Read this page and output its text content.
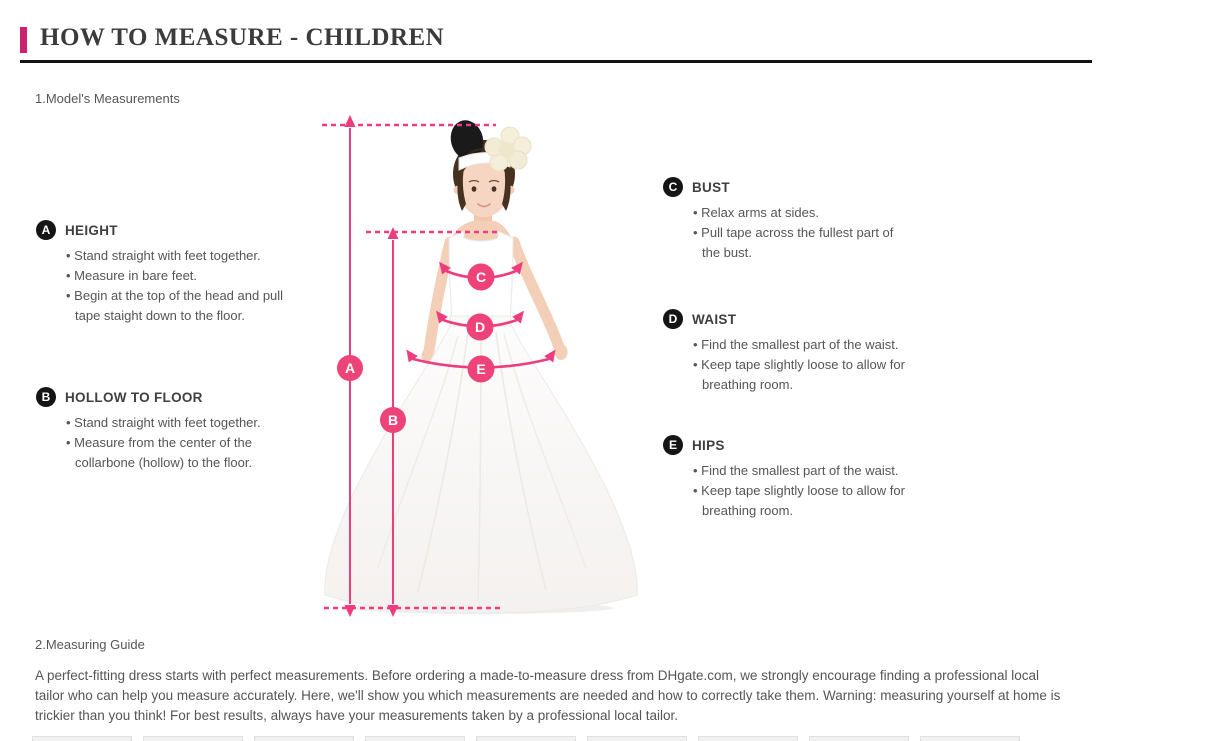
HOW TO MEASURE - CHILDREN
1.Model's Measurements
A	HEIGHT
• Stand straight with feet together.
• Measure in bare feet.
• Begin at the top of the head and pull tape staight down to the floor.
B	HOLLOW TO FLOOR
• Stand straight with feet together.
• Measure from the center of the collarbone (hollow) to the floor.
C	BUST
• Relax arms at sides.
• Pull tape across the fullest part of the bust.
D	WAIST
• Find the smallest part of the waist.
• Keep tape slightly loose to allow for breathing room.
E	HIPS
• Find the smallest part of the waist.
• Keep tape slightly loose to allow for breathing room.
A
B
C
D
E
2.Measuring Guide

A perfect-fitting dress starts with perfect measurements. Before ordering a made-to-measure dress from DHgate.com, we strongly encourage finding a professional local tailor who can help you measure accurately. Here, we'll show you which measurements are needed and how to correctly take them. Warning: measuring yourself at home is trickier than you think! For best results, always have your measurements taken by a professional local tailor.
